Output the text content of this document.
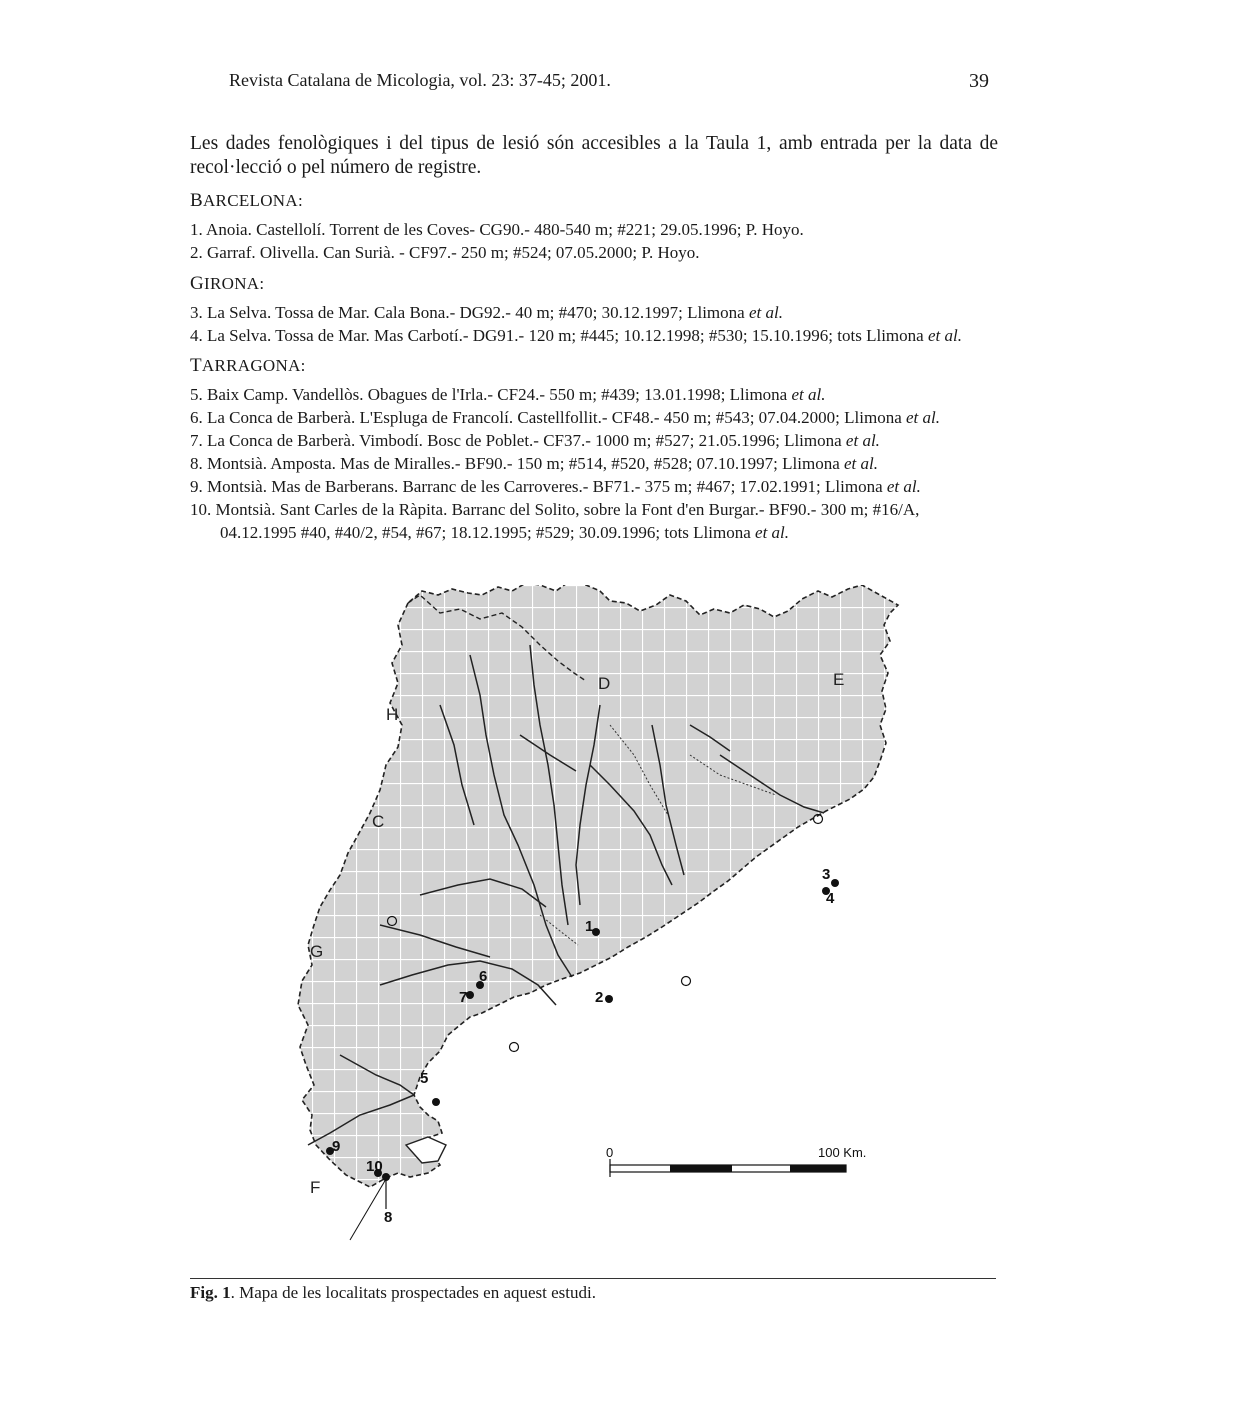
Revista Catalana de Micologia, vol. 23: 37-45; 2001.	39
Les dades fenològiques i del tipus de lesió són accesibles a la Taula 1, amb entrada per la data de recol·lecció o pel número de registre.
BARCELONA:
1. Anoia. Castellolí. Torrent de les Coves- CG90.- 480-540 m; #221; 29.05.1996; P. Hoyo.
2. Garraf. Olivella. Can Surià. - CF97.- 250 m; #524; 07.05.2000; P. Hoyo.
GIRONA:
3. La Selva. Tossa de Mar. Cala Bona.- DG92.- 40 m; #470; 30.12.1997; Llimona et al.
4. La Selva. Tossa de Mar. Mas Carbotí.- DG91.- 120 m; #445; 10.12.1998; #530; 15.10.1996; tots Llimona et al.
TARRAGONA:
5. Baix Camp. Vandellòs. Obagues de l'Irla.- CF24.- 550 m; #439; 13.01.1998; Llimona et al.
6. La Conca de Barberà. L'Espluga de Francolí. Castellfollit.- CF48.- 450 m; #543; 07.04.2000; Llimona et al.
7. La Conca de Barberà. Vimbodí. Bosc de Poblet.- CF37.- 1000 m; #527; 21.05.1996; Llimona et al.
8. Montsià. Amposta. Mas de Miralles.- BF90.- 150 m; #514, #520, #528; 07.10.1997; Llimona et al.
9. Montsià. Mas de Barberans. Barranc de les Carroveres.- BF71.- 375 m; #467; 17.02.1991; Llimona et al.
10. Montsià. Sant Carles de la Ràpita. Barranc del Solito, sobre la Font d'en Burgar.- BF90.- 300 m; #16/A,
04.12.1995 #40, #40/2, #54, #67; 18.12.1995; #529; 30.09.1996; tots Llimona et al.
H
C
G
F
D	E
1
2
3
4
5
6
7
8
9
10
0	100 Km.
Fig. 1. Mapa de les localitats prospectades en aquest estudi.
